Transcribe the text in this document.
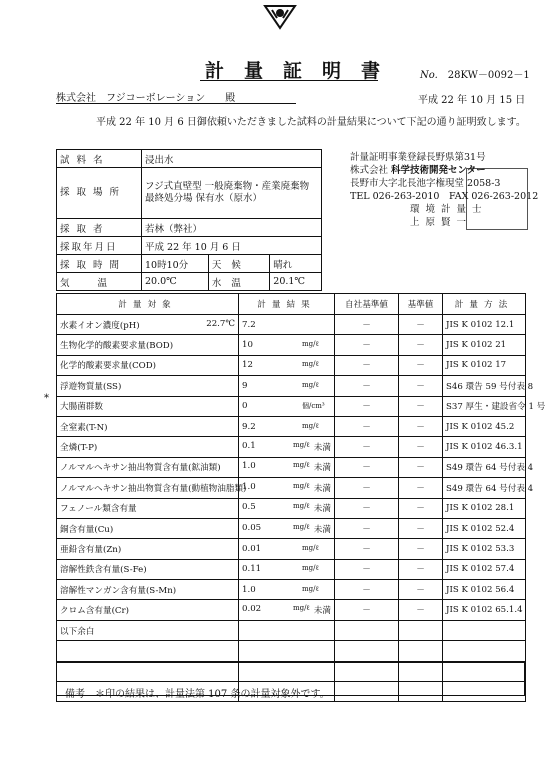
計量証明書 No. 28KW－0092－1
株式会社　フジコーボレーション　　殿	平成 22 年 10 月 15 日
平成 22 年 10 月 6 日御依頼いただきました試料の計量結果について下記の通り証明致します。
試料名	浸出水		
採取場所	フジ式直壁型 一般廃棄物・産業廃棄物最終処分場 保有水（原水）		
採取者	若林（弊社）		
採取年月日	平成 22 年 10 月 6 日		
採取時間	10時10分	天候	晴れ
気温	20.0℃	水温	20.1℃
計量証明事業登録長野県第31号
株式会社 科学技術開発センター
長野市大字北長池字権現堂 2058-3
TEL 026-263-2010　FAX 026-263-2012
環境計量士
上原賢一
*
計量対象	計量結果	自社基準値	基準値	計量方法

水素イオン濃度(pH) 22.7℃	7.2	－	－	JIS K 0102 12.1

生物化学的酸素要求量(BOD)	10 mg/ℓ	－	－	JIS K 0102 21

化学的酸素要求量(COD)	12 mg/ℓ	－	－	JIS K 0102 17

浮遊物質量(SS)	9 mg/ℓ	－	－	S46 環告 59 号付表 8

大腸菌群数	0 個/cm³	－	－	S37 厚生・建設省令 1 号

全窒素(T-N)	9.2 mg/ℓ	－	－	JIS K 0102 45.2

全燐(T-P)	0.1 mg/ℓ 未満	－	－	JIS K 0102 46.3.1

ノルマルヘキサン抽出物質含有量(鉱油類)	1.0 mg/ℓ 未満	－	－	S49 環告 64 号付表 4

ノルマルヘキサン抽出物質含有量(動植物油脂類)	1.0 mg/ℓ 未満	－	－	S49 環告 64 号付表 4

フェノール類含有量	0.5 mg/ℓ 未満	－	－	JIS K 0102 28.1

銅含有量(Cu)	0.05 mg/ℓ 未満	－	－	JIS K 0102 52.4

亜鉛含有量(Zn)	0.01 mg/ℓ	－	－	JIS K 0102 53.3

溶解性鉄含有量(S-Fe)	0.11 mg/ℓ	－	－	JIS K 0102 57.4

溶解性マンガン含有量(S-Mn)	1.0 mg/ℓ	－	－	JIS K 0102 56.4

クロム含有量(Cr)	0.02 mg/ℓ 未満	－	－	JIS K 0102 65.1.4

以下余白				

備考　＊印の結果は、計量法第 107 条の計量対象外です。
